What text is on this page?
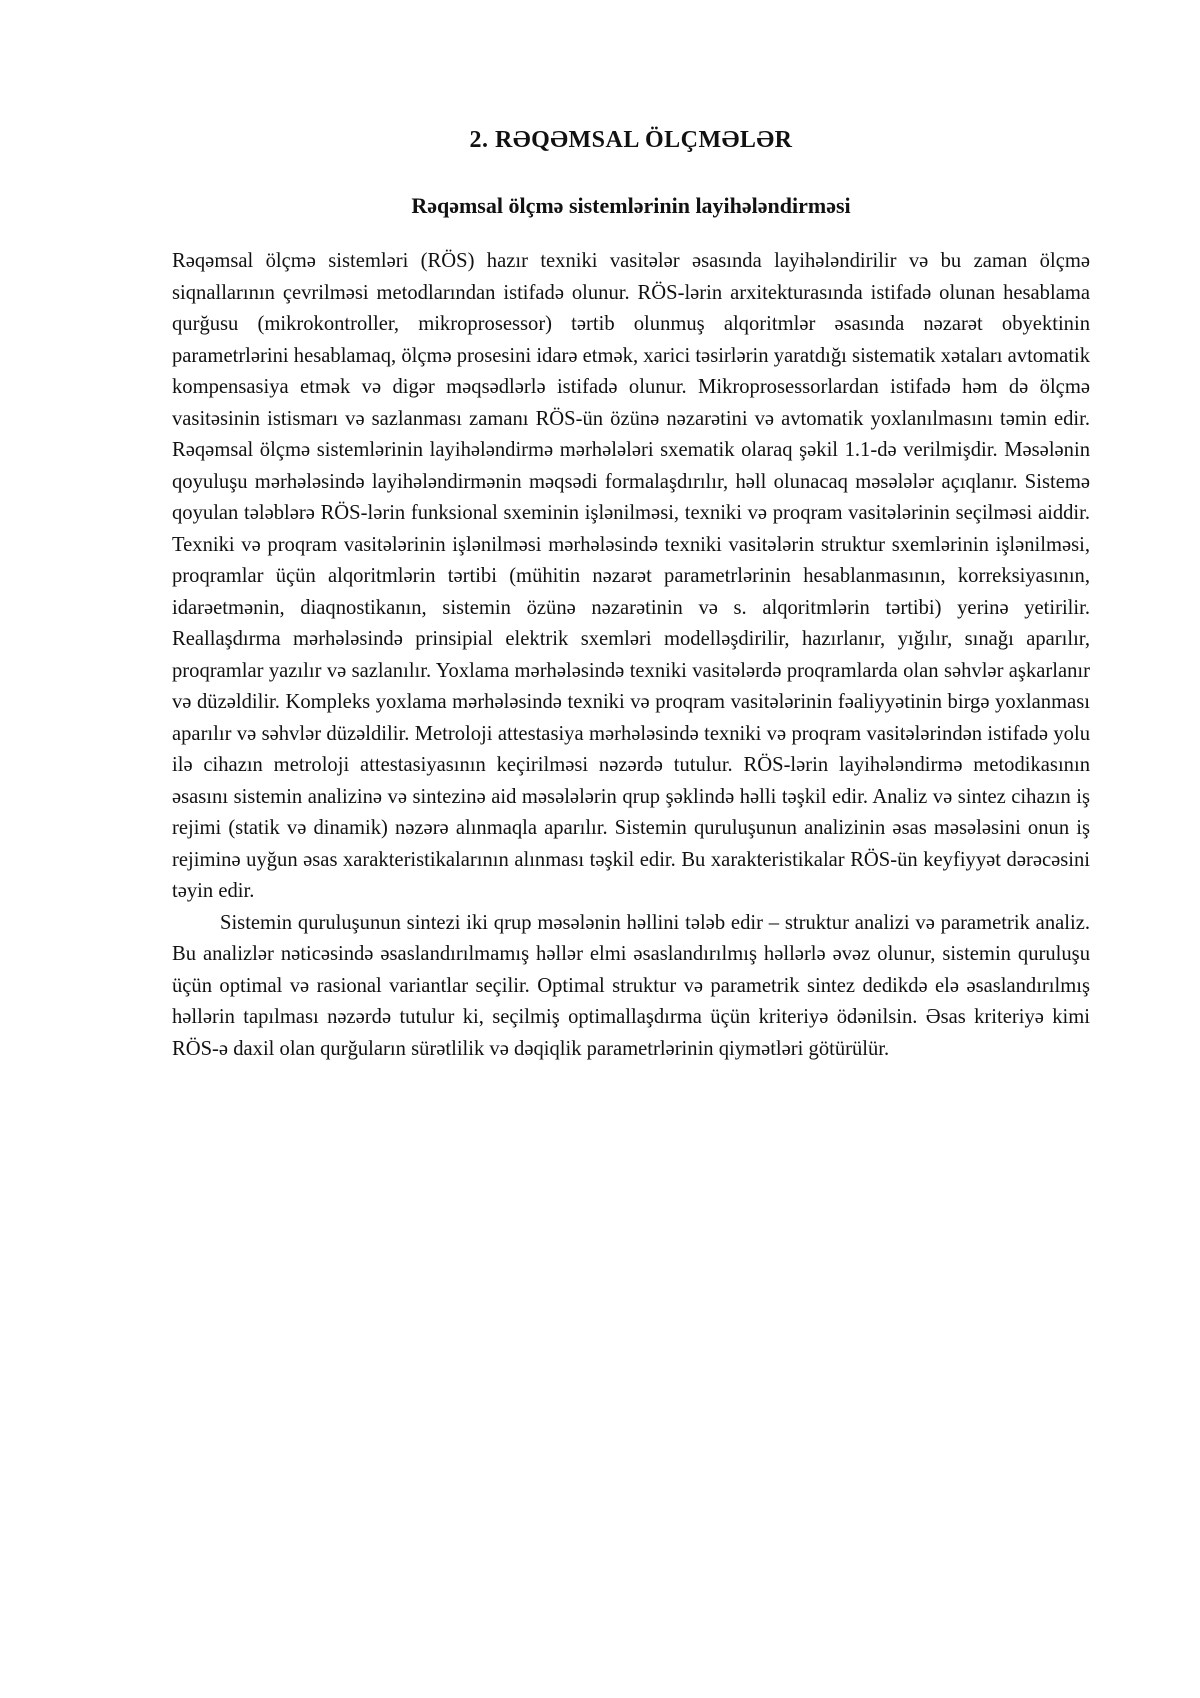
2. RƏQƏMSAL ÖLÇMƏLƏR
Rəqəmsal ölçmə sistemlərinin layihələndirməsi

Rəqəmsal ölçmə sistemləri (RÖS) hazır texniki vasitələr əsasında layihələndirilir və bu zaman ölçmə siqnallarının çevrilməsi metodlarından istifadə olunur. RÖS-lərin arxitekturasında istifadə olunan hesablama qurğusu (mikrokontroller, mikroprosessor) tərtib olunmuş alqoritmlər əsasında nəzarət obyektinin parametrlərini hesablamaq, ölçmə prosesini idarə etmək, xarici təsirlərin yaratdığı sistematik xətaları avtomatik kompensasiya etmək və digər məqsədlərlə istifadə olunur. Mikroprosessorlardan istifadə həm də ölçmə vasitəsinin istismarı və sazlanması zamanı RÖS-ün özünə nəzarətini və avtomatik yoxlanılmasını təmin edir. Rəqəmsal ölçmə sistemlərinin layihələndirmə mərhələləri sxematik olaraq şəkil 1.1-də verilmişdir. Məsələnin qoyuluşu mərhələsində layihələndirmənin məqsədi formalaşdırılır, həll olunacaq məsələlər açıqlanır. Sistemə qoyulan tələblərə RÖS-lərin funksional sxeminin işlənilməsi, texniki və proqram vasitələrinin seçilməsi aiddir. Texniki və proqram vasitələrinin işlənilməsi mərhələsində texniki vasitələrin struktur sxemlərinin işlənilməsi, proqramlar üçün alqoritmlərin tərtibi (mühitin nəzarət parametrlərinin hesablanmasının, korreksiyasının, idarəetmənin, diaqnostikanın, sistemin özünə nəzarətinin və s. alqoritmlərin tərtibi) yerinə yetirilir. Reallaşdırma mərhələsində prinsipial elektrik sxemləri modelləşdirilir, hazırlanır, yığılır, sınağı aparılır, proqramlar yazılır və sazlanılır. Yoxlama mərhələsində texniki vasitələrdə proqramlarda olan səhvlər aşkarlanır və düzəldilir. Kompleks yoxlama mərhələsində texniki və proqram vasitələrinin fəaliyyətinin birgə yoxlanması aparılır və səhvlər düzəldilir. Metroloji attestasiya mərhələsində texniki və proqram vasitələrindən istifadə yolu ilə cihazın metroloji attestasiyasının keçirilməsi nəzərdə tutulur. RÖS-lərin layihələndirmə metodikasının əsasını sistemin analizinə və sintezinə aid məsələlərin qrup şəklində həlli təşkil edir. Analiz və sintez cihazın iş rejimi (statik və dinamik) nəzərə alınmaqla aparılır. Sistemin quruluşunun analizinin əsas məsələsini onun iş rejiminə uyğun əsas xarakteristikalarının alınması təşkil edir. Bu xarakteristikalar RÖS-ün keyfiyyət dərəcəsini təyin edir.

Sistemin quruluşunun sintezi iki qrup məsələnin həllini tələb edir – struktur analizi və parametrik analiz. Bu analizlər nəticəsində əsaslandırılmamış həllər elmi əsaslandırılmış həllərlə əvəz olunur, sistemin quruluşu üçün optimal və rasional variantlar seçilir. Optimal struktur və parametrik sintez dedikdə elə əsaslandırılmış həllərin tapılması nəzərdə tutulur ki, seçilmiş optimallaşdırma üçün kriteriyə ödənilsin. Əsas kriteriyə kimi RÖS-ə daxil olan qurğuların sürətlilik və dəqiqlik parametrlərinin qiymətləri götürülür.
